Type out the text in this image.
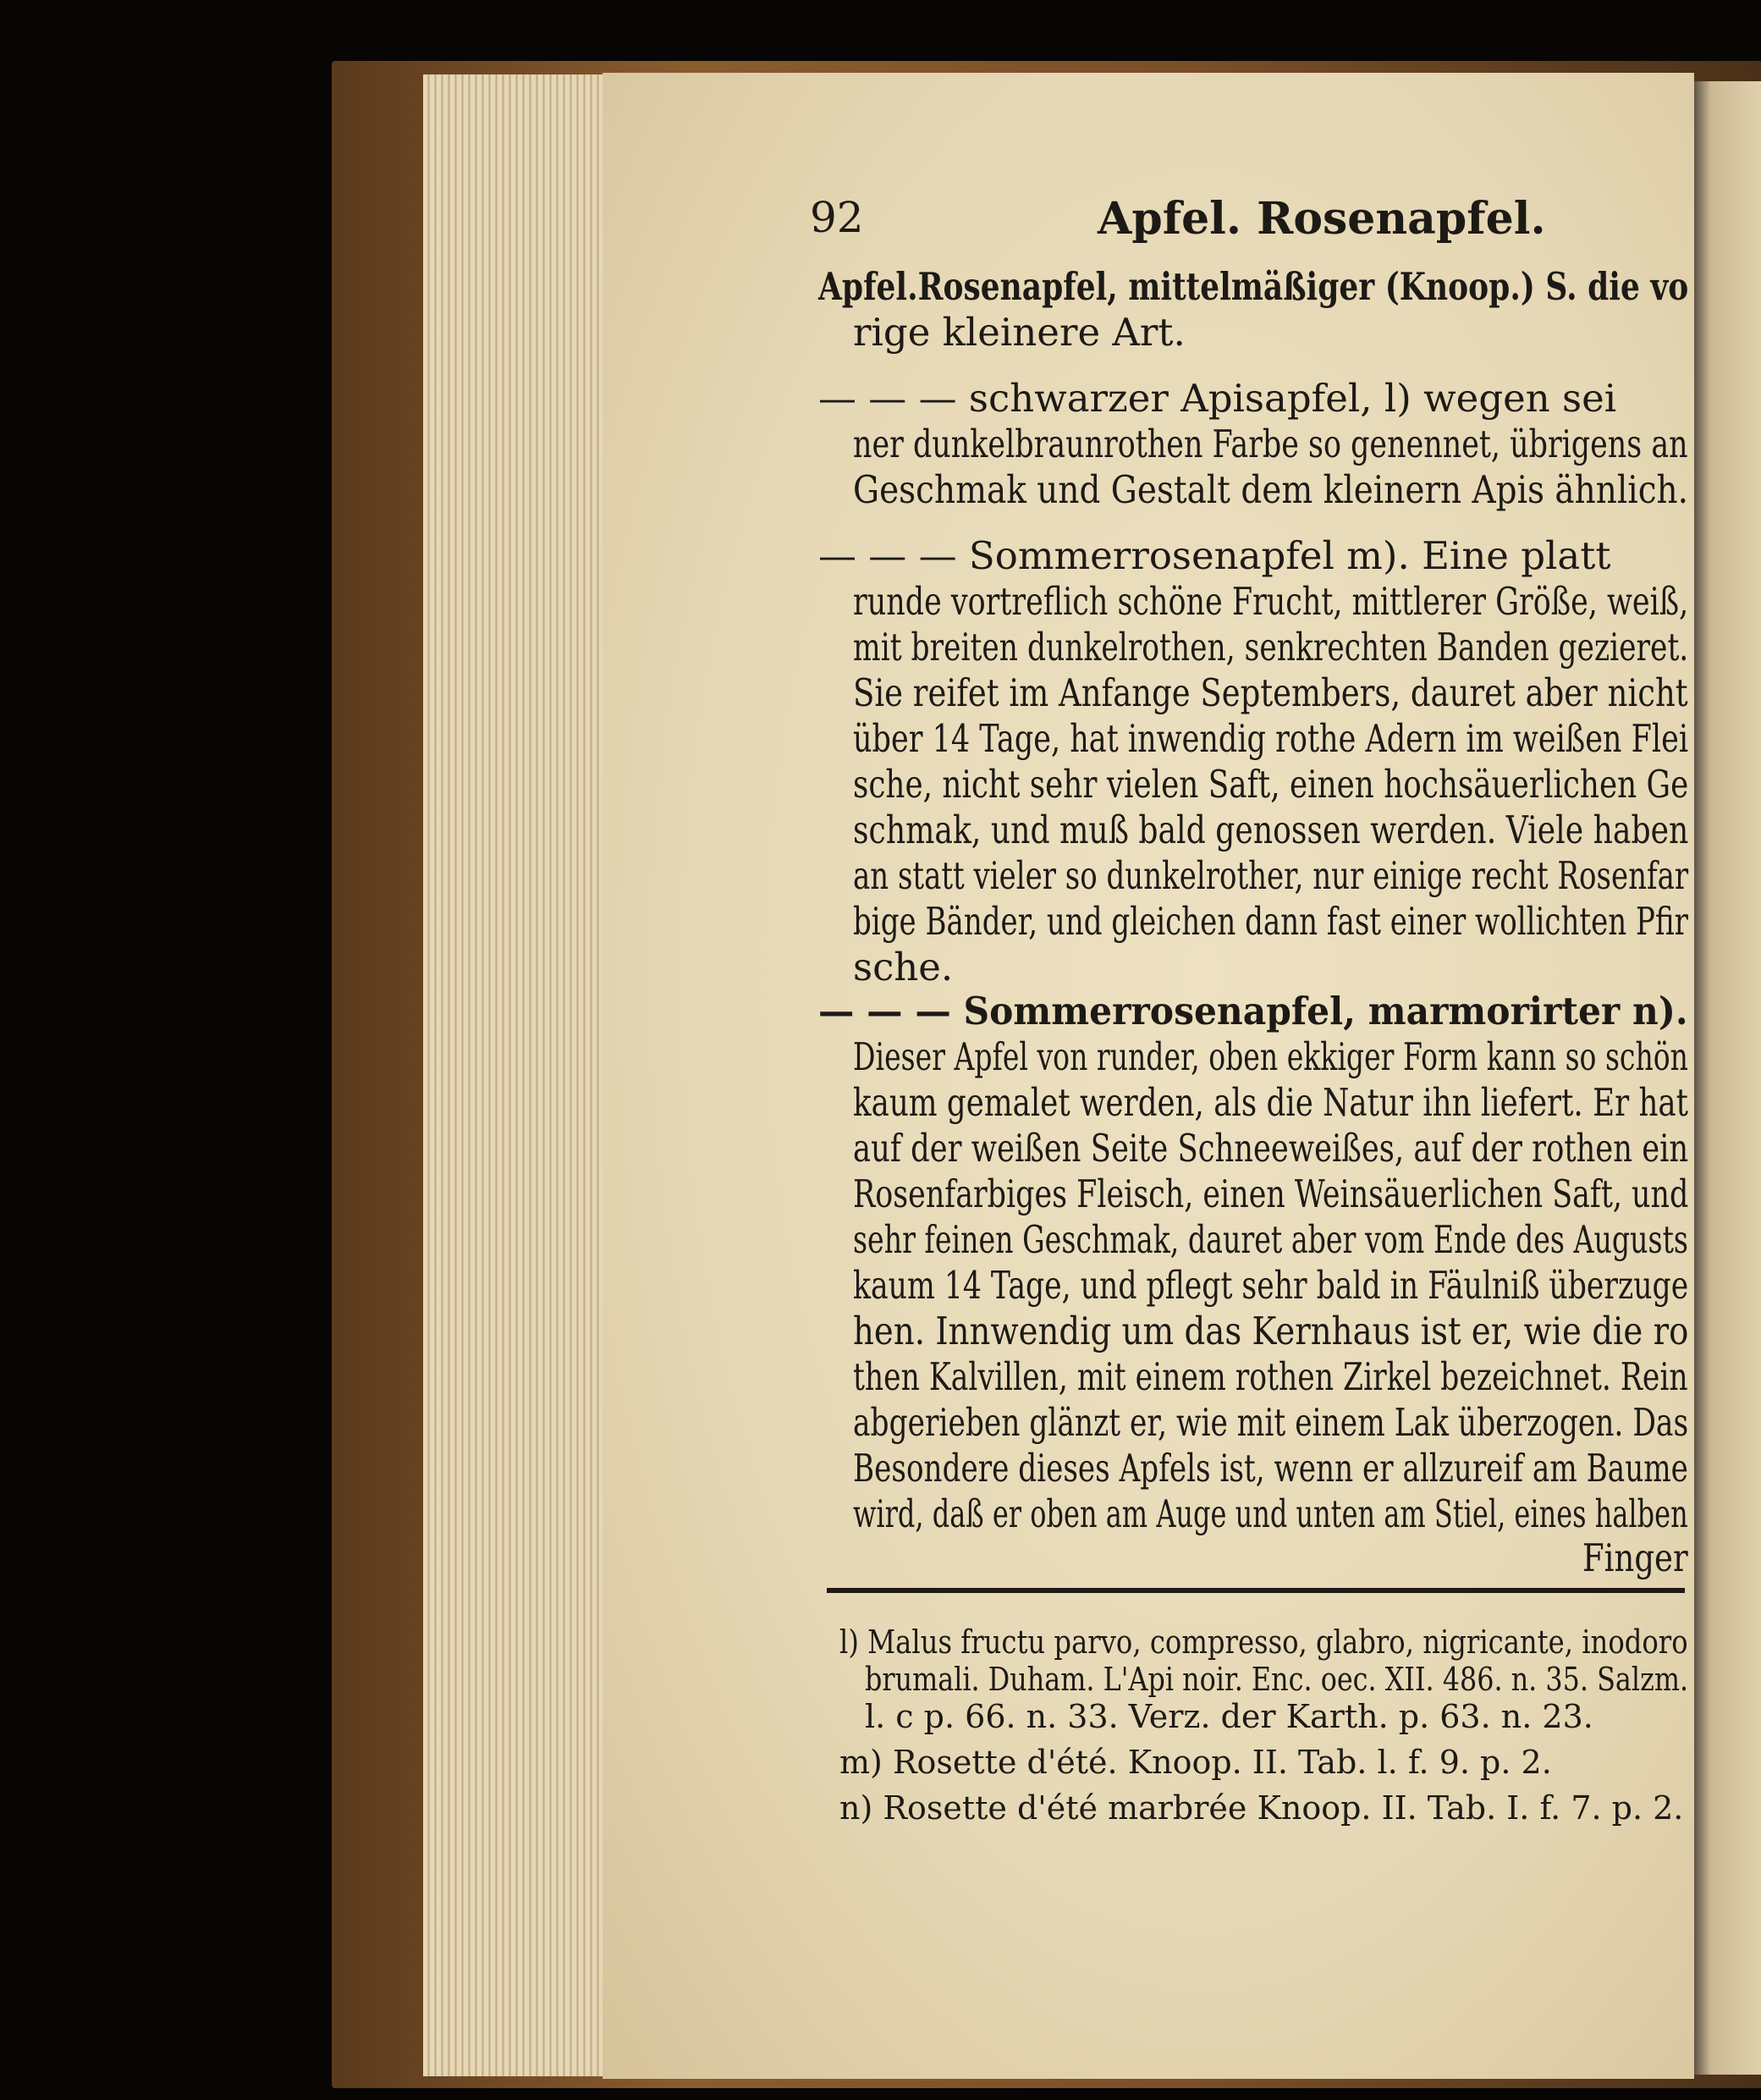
92	Apfel. Rosenapfel.
Apfel.Rosenapfel, mittelmäßiger (Knoop.) S. die vo
rige kleinere Art.
— — — schwarzer Apisapfel, l) wegen sei
ner dunkelbraunrothen Farbe so genennet, übrigens an
Geschmak und Gestalt dem kleinern Apis ähnlich.
— — — Sommerrosenapfel m). Eine platt
runde vortreflich schöne Frucht, mittlerer Größe, weiß,
mit breiten dunkelrothen, senkrechten Banden gezieret.
Sie reifet im Anfange Septembers, dauret aber nicht
über 14 Tage, hat inwendig rothe Adern im weißen Flei
sche, nicht sehr vielen Saft, einen hochsäuerlichen Ge
schmak, und muß bald genossen werden. Viele haben
an statt vieler so dunkelrother, nur einige recht Rosenfar
bige Bänder, und gleichen dann fast einer wollichten Pfir
sche.
— — — Sommerrosenapfel, marmorirter n).
Dieser Apfel von runder, oben ekkiger Form kann so schön
kaum gemalet werden, als die Natur ihn liefert. Er hat
auf der weißen Seite Schneeweißes, auf der rothen ein
Rosenfarbiges Fleisch, einen Weinsäuerlichen Saft, und
sehr feinen Geschmak, dauret aber vom Ende des Augusts
kaum 14 Tage, und pflegt sehr bald in Fäulniß überzuge
hen. Innwendig um das Kernhaus ist er, wie die ro
then Kalvillen, mit einem rothen Zirkel bezeichnet. Rein
abgerieben glänzt er, wie mit einem Lak überzogen. Das
Besondere dieses Apfels ist, wenn er allzureif am Baume
wird, daß er oben am Auge und unten am Stiel, eines halben
Finger
l) Malus fructu parvo, compresso, glabro, nigricante, inodoro
brumali. Duham. L'Api noir. Enc. oec. XII. 486. n. 35. Salzm.
l. c p. 66. n. 33. Verz. der Karth. p. 63. n. 23.
m) Rosette d'été. Knoop. II. Tab. l. f. 9. p. 2.
n) Rosette d'été marbrée Knoop. II. Tab. I. f. 7. p. 2.
